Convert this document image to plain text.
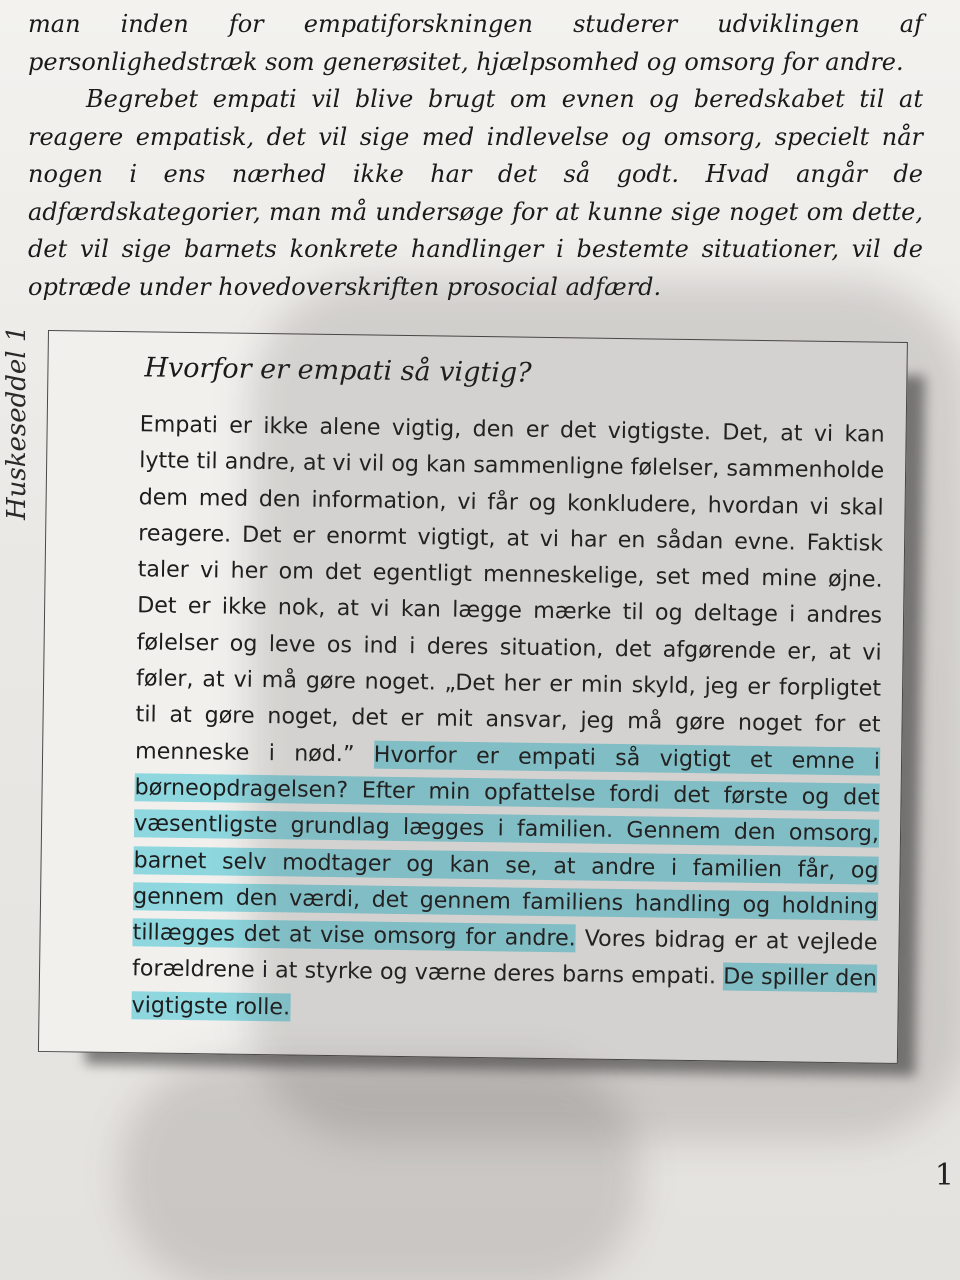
man inden for empatiforskningen studerer udviklingen af personlighedstræk som generøsitet, hjælpsomhed og omsorg for andre.

Begrebet empati vil blive brugt om evnen og beredskabet til at reagere empatisk, det vil sige med indlevelse og omsorg, specielt når nogen i ens nærhed ikke har det så godt. Hvad angår de adfærdskategorier, man må undersøge for at kunne sige noget om dette, det vil sige barnets konkrete handlinger i bestemte situationer, vil de optræde under hovedoverskriften prosocial adfærd.

Huskeseddel 1	Hvorfor er empati så vigtig?
Empati er ikke alene vigtig, den er det vigtigste. Det, at vi kan lytte til andre, at vi vil og kan sammenligne følelser, sammenholde dem med den information, vi får og konkludere, hvordan vi skal reagere. Det er enormt vigtigt, at vi har en sådan evne. Faktisk taler vi her om det egentligt menneskelige, set med mine øjne. Det er ikke nok, at vi kan lægge mærke til og deltage i andres følelser og leve os ind i deres situation, det afgørende er, at vi føler, at vi må gøre noget. „Det her er min skyld, jeg er forpligtet til at gøre noget, det er mit ansvar, jeg må gøre noget for et menneske i nød.” Hvorfor er empati så vigtigt et emne i børneopdragelsen? Efter min opfattelse fordi det første og det væsentligste grundlag lægges i familien. Gennem den omsorg, barnet selv modtager og kan se, at andre i familien får, og gennem den værdi, det gennem familiens handling og holdning tillægges det at vise omsorg for andre. Vores bidrag er at vejlede forældrene i at styrke og værne deres barns empati. De spiller den vigtigste rolle.
1
